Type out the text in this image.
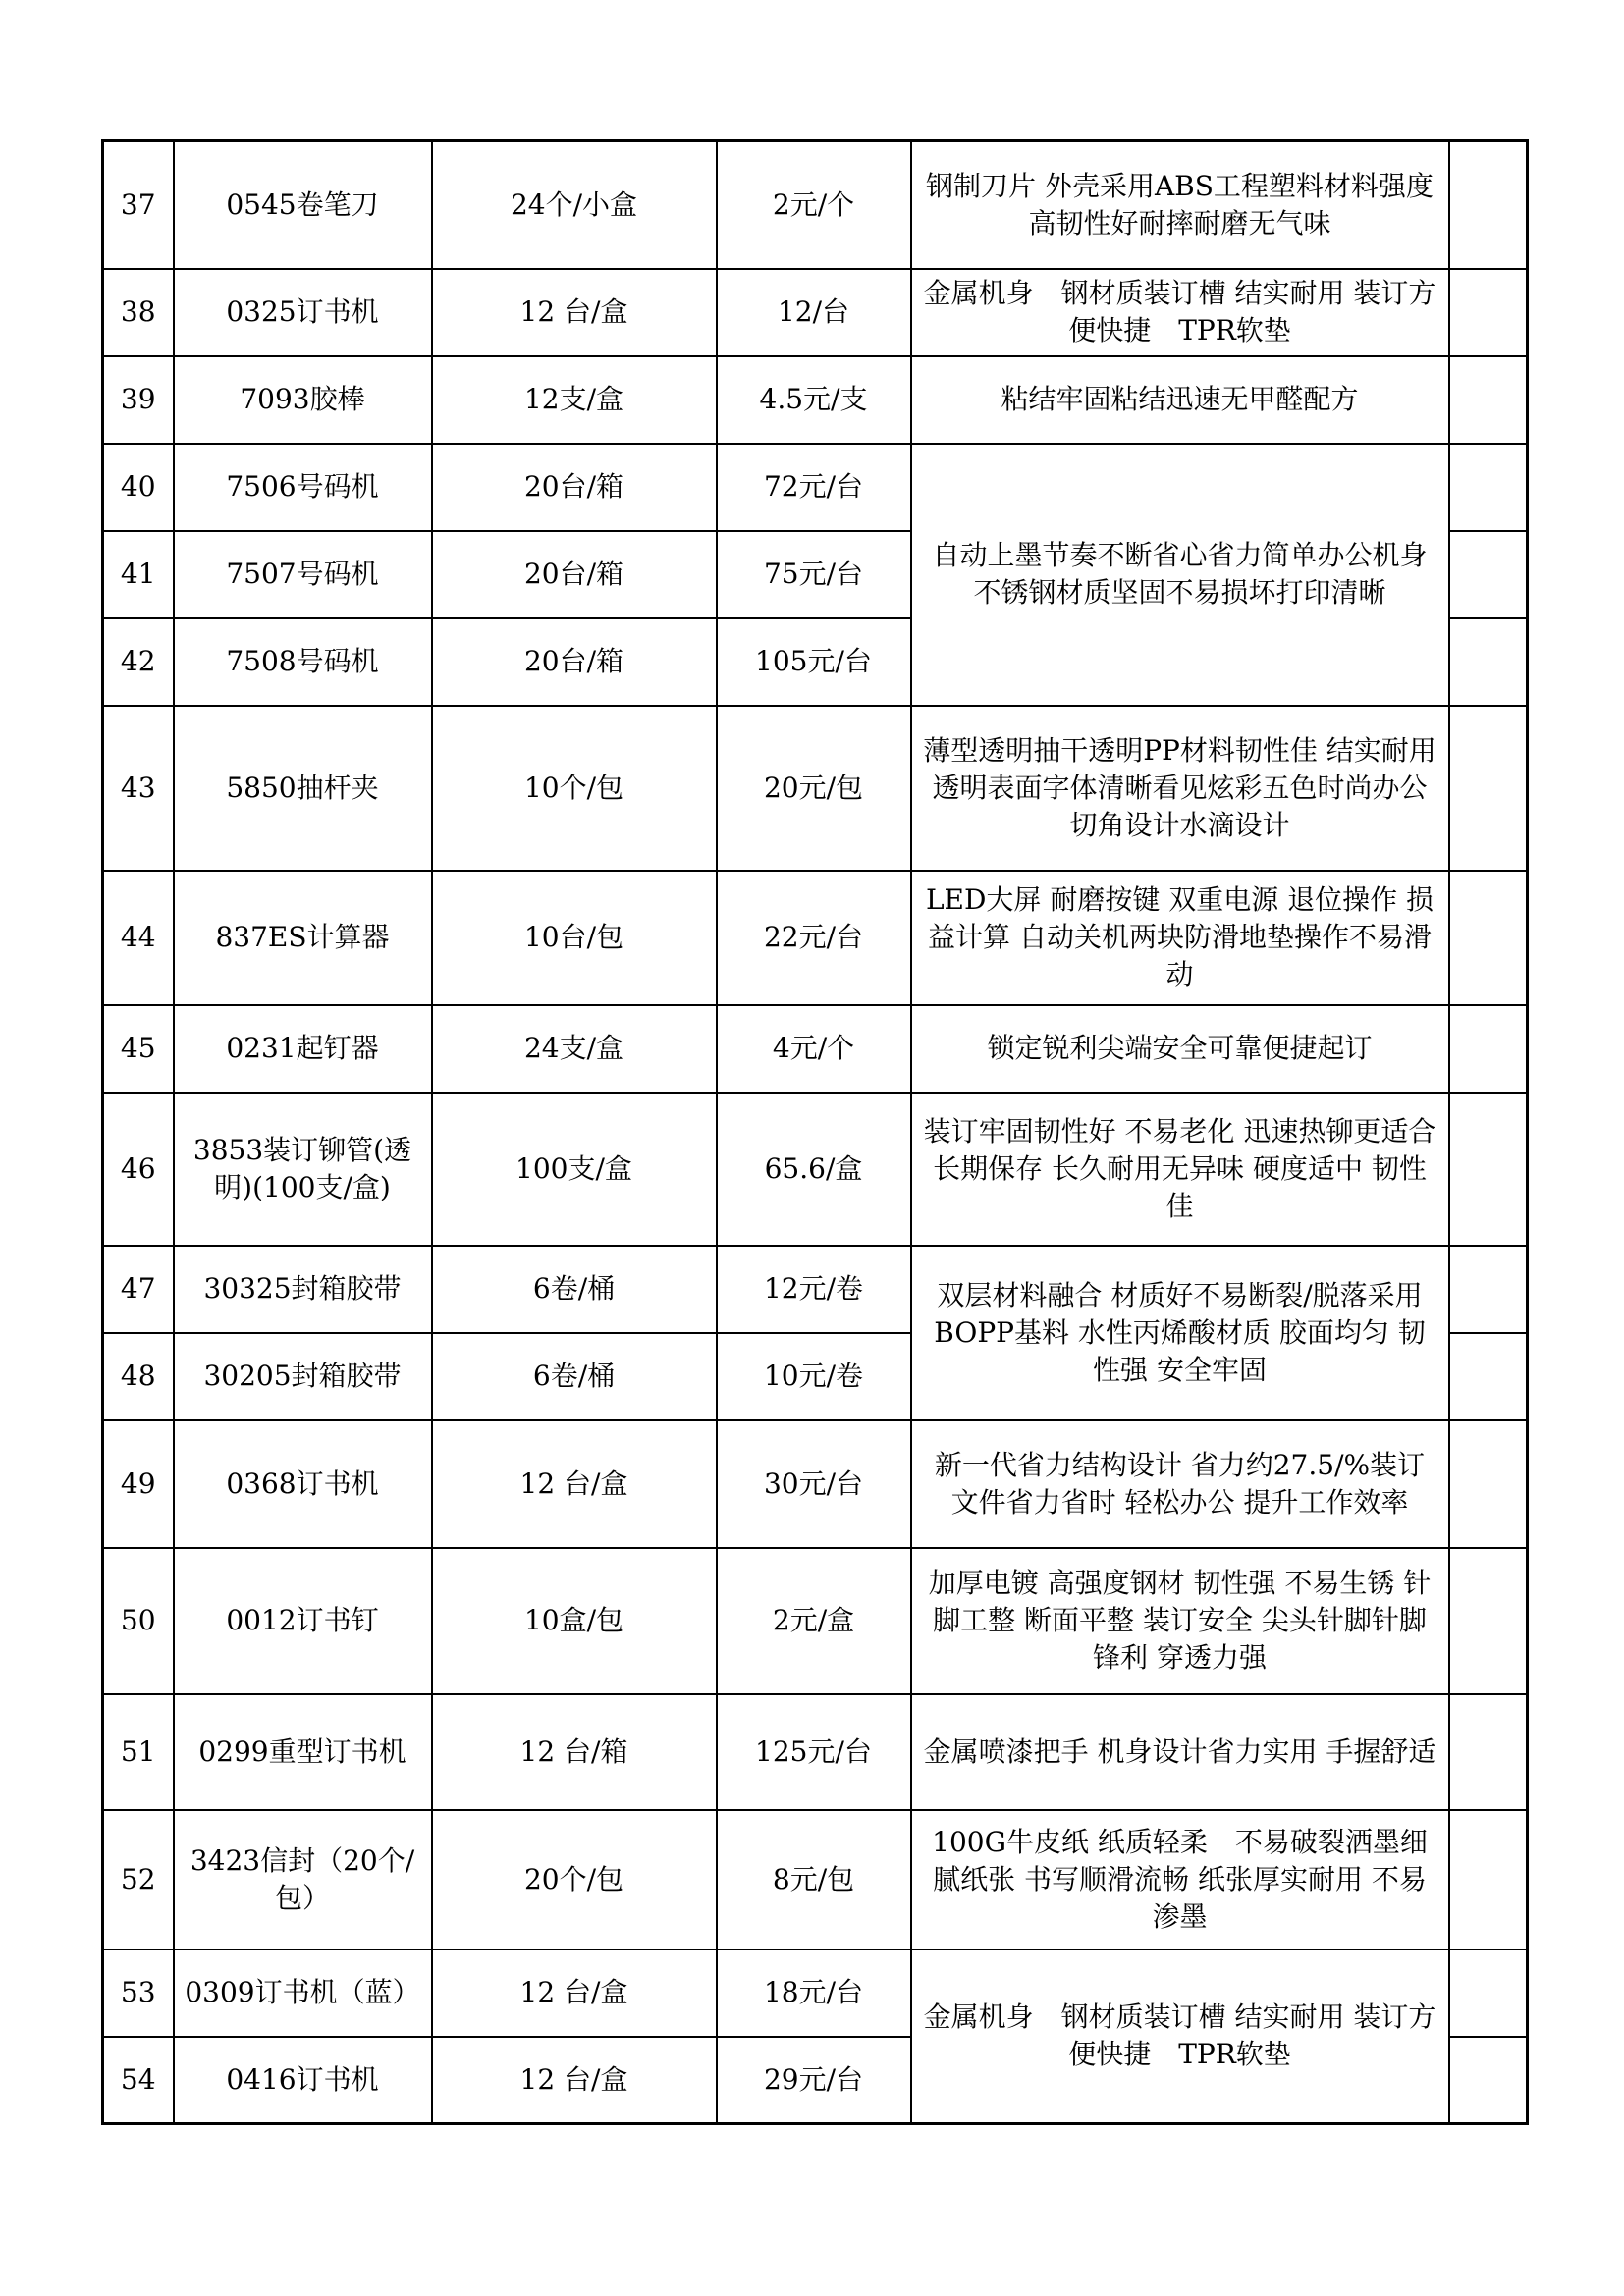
37	0545卷笔刀	24个/小盒	2元/个	钢制刀片 外壳采用ABS工程塑料材料强度高韧性好耐摔耐磨无气味	
38	0325订书机	12 台/盒	12/台	金属机身　钢材质装订槽 结实耐用 装订方便快捷　TPR软垫	
39	7093胶棒	12支/盒	4.5元/支	粘结牢固粘结迅速无甲醛配方	
40	7506号码机	20台/箱	72元/台	自动上墨节奏不断省心省力简单办公机身不锈钢材质坚固不易损坏打印清晰	
41	7507号码机	20台/箱	75元/台		
42	7508号码机	20台/箱	105元/台		
43	5850抽杆夹	10个/包	20元/包	薄型透明抽干透明PP材料韧性佳 结实耐用 透明表面字体清晰看见炫彩五色时尚办公切角设计水滴设计	
44	837ES计算器	10台/包	22元/台	LED大屏 耐磨按键 双重电源 退位操作 损益计算 自动关机两块防滑地垫操作不易滑动	
45	0231起钉器	24支/盒	4元/个	锁定锐利尖端安全可靠便捷起订	
46	3853装订铆管(透明)(100支/盒)	100支/盒	65.6/盒	装订牢固韧性好 不易老化 迅速热铆更适合长期保存 长久耐用无异味 硬度适中 韧性佳	
47	30325封箱胶带	6卷/桶	12元/卷	双层材料融合 材质好不易断裂/脱落采用BOPP基料 水性丙烯酸材质 胶面均匀 韧性强 安全牢固	
48	30205封箱胶带	6卷/桶	10元/卷		
49	0368订书机	12 台/盒	30元/台	新一代省力结构设计 省力约27.5/%装订文件省力省时 轻松办公 提升工作效率	
50	0012订书钉	10盒/包	2元/盒	加厚电镀 高强度钢材 韧性强 不易生锈 针脚工整 断面平整 装订安全 尖头针脚针脚锋利 穿透力强	
51	0299重型订书机	12 台/箱	125元/台	金属喷漆把手 机身设计省力实用 手握舒适	
52	3423信封（20个/包）	20个/包	8元/包	100G牛皮纸 纸质轻柔　不易破裂洒墨细腻纸张 书写顺滑流畅 纸张厚实耐用 不易渗墨	
53	0309订书机（蓝）	12 台/盒	18元/台	金属机身　钢材质装订槽 结实耐用 装订方便快捷　TPR软垫	
54	0416订书机	12 台/盒	29元/台		
